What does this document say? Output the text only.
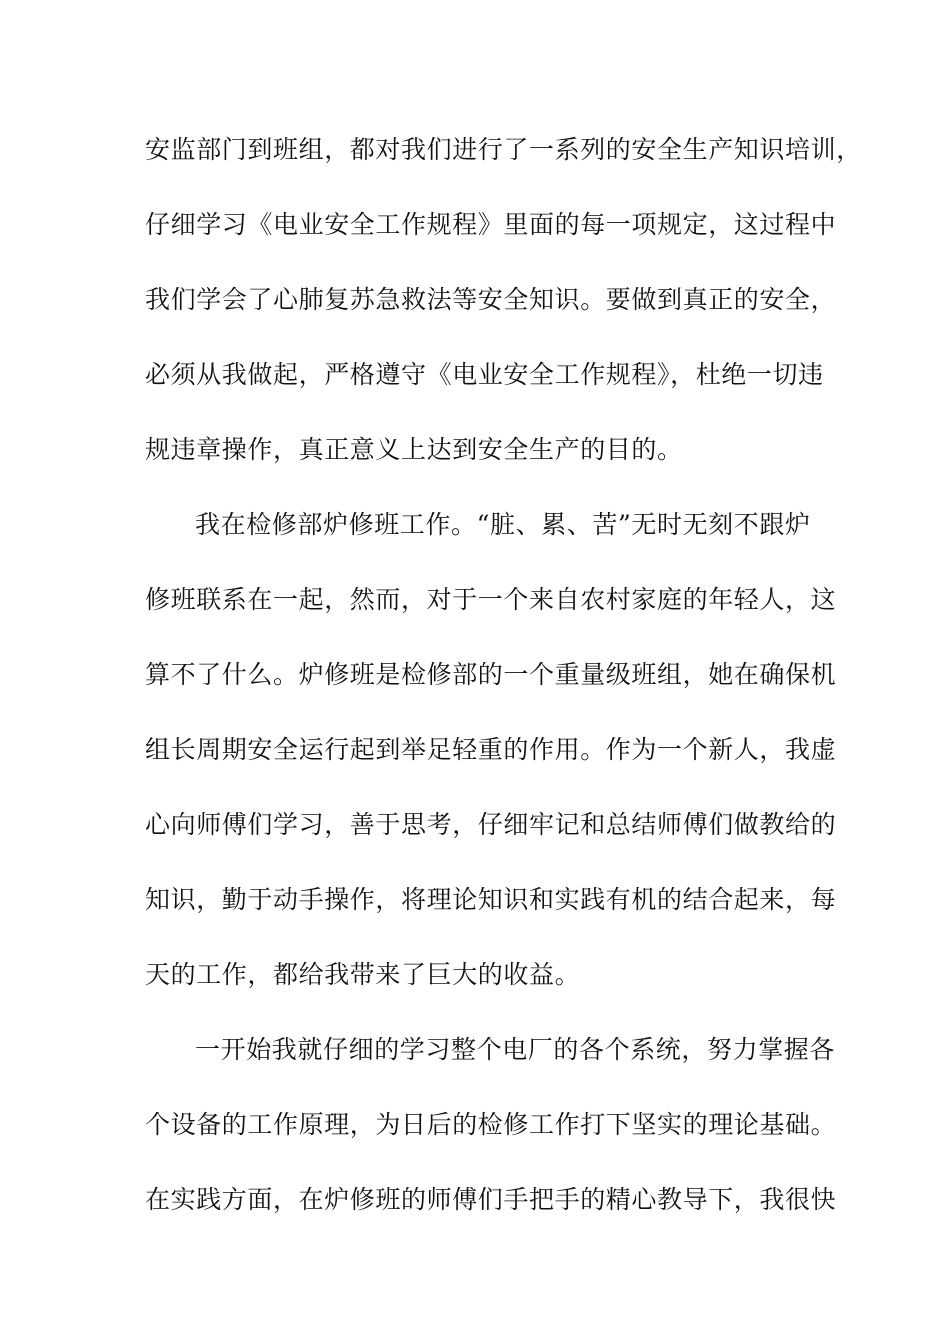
安监部门到班组，都对我们进行了一系列的安全生产知识培训，
仔细学习《电业安全工作规程》里面的每一项规定，这过程中
我们学会了心肺复苏急救法等安全知识。要做到真正的安全，
必须从我做起，严格遵守《电业安全工作规程》，杜绝一切违
规违章操作，真正意义上达到安全生产的目的。
我在检修部炉修班工作。“脏、累、苦”无时无刻不跟炉
修班联系在一起，然而，对于一个来自农村家庭的年轻人，这
算不了什么。炉修班是检修部的一个重量级班组，她在确保机
组长周期安全运行起到举足轻重的作用。作为一个新人，我虚
心向师傅们学习，善于思考，仔细牢记和总结师傅们做教给的
知识，勤于动手操作，将理论知识和实践有机的结合起来，每
天的工作，都给我带来了巨大的收益。
一开始我就仔细的学习整个电厂的各个系统，努力掌握各
个设备的工作原理，为日后的检修工作打下坚实的理论基础。
在实践方面，在炉修班的师傅们手把手的精心教导下，我很快
